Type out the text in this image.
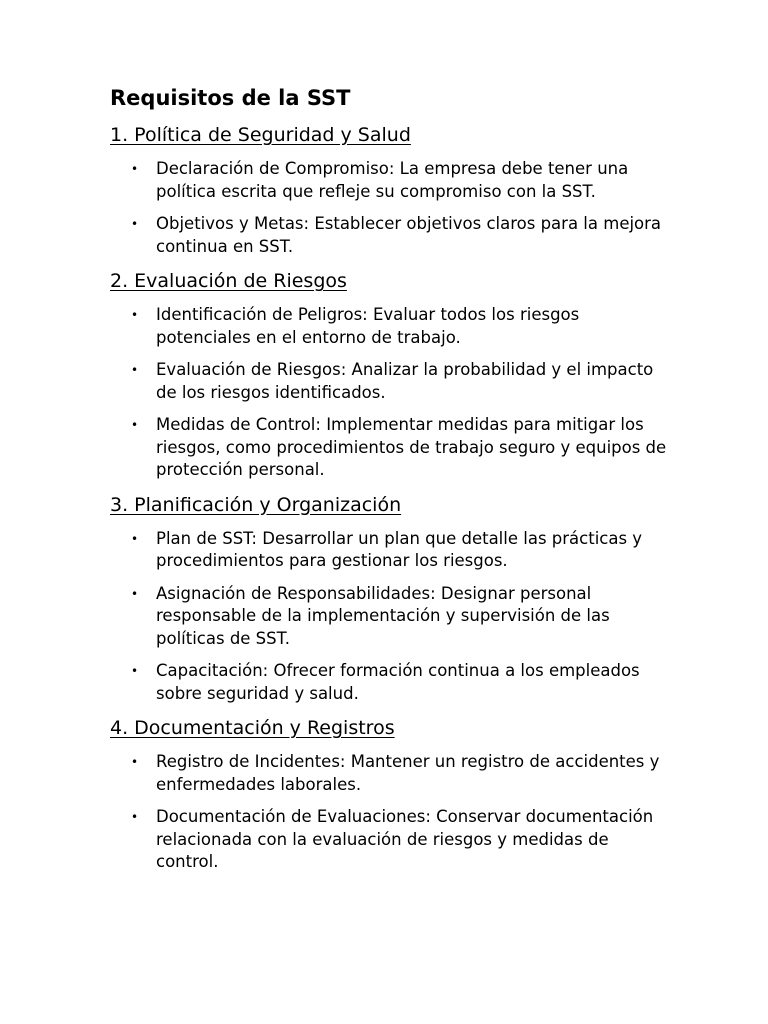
Requisitos de la SST
1. Política de Seguridad y Salud
• Declaración de Compromiso: La empresa debe tener una política escrita que refleje su compromiso con la SST.
• Objetivos y Metas: Establecer objetivos claros para la mejora continua en SST.
2. Evaluación de Riesgos
• Identificación de Peligros: Evaluar todos los riesgos potenciales en el entorno de trabajo.
• Evaluación de Riesgos: Analizar la probabilidad y el impacto de los riesgos identificados.
• Medidas de Control: Implementar medidas para mitigar los riesgos, como procedimientos de trabajo seguro y equipos de protección personal.
3. Planificación y Organización
• Plan de SST: Desarrollar un plan que detalle las prácticas y procedimientos para gestionar los riesgos.
• Asignación de Responsabilidades: Designar personal responsable de la implementación y supervisión de las políticas de SST.
• Capacitación: Ofrecer formación continua a los empleados sobre seguridad y salud.
4. Documentación y Registros
• Registro de Incidentes: Mantener un registro de accidentes y enfermedades laborales.
• Documentación de Evaluaciones: Conservar documentación relacionada con la evaluación de riesgos y medidas de control.
